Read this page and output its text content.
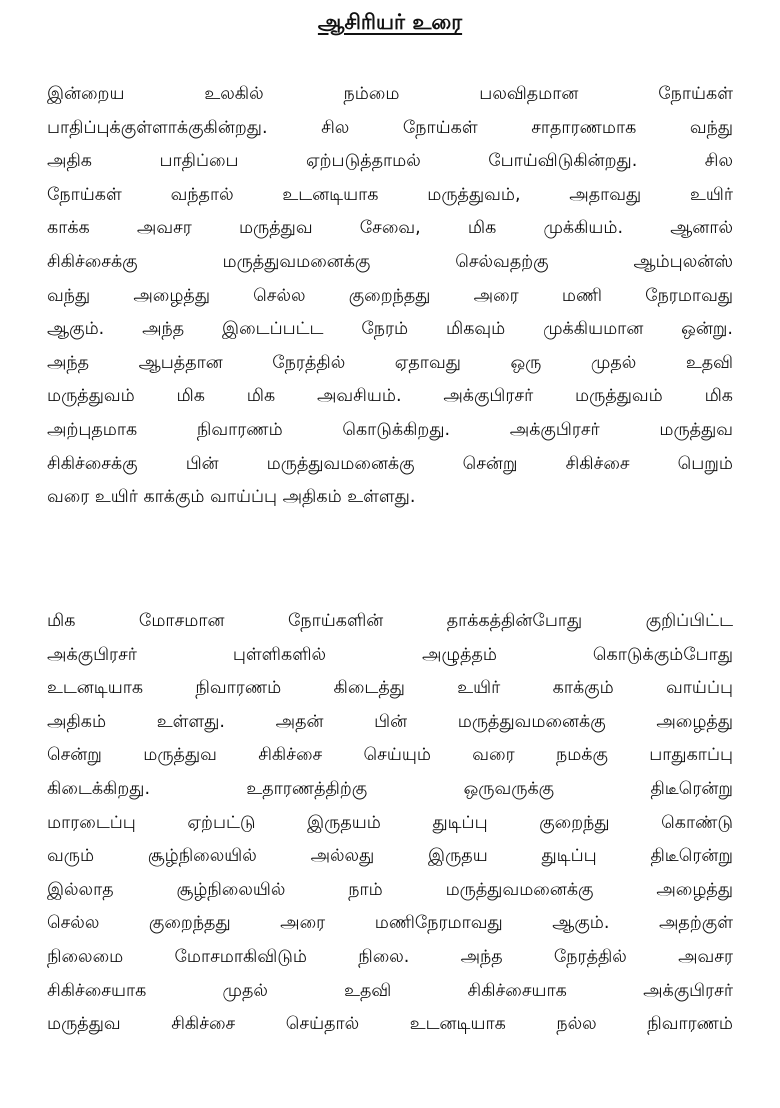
ஆசிரியர் உரை
இன்றைய உலகில் நம்மை பலவிதமான நோய்கள்
பாதிப்புக்குள்ளாக்குகின்றது. சில நோய்கள் சாதாரணமாக வந்து
அதிக பாதிப்பை ஏற்படுத்தாமல் போய்விடுகின்றது. சில
நோய்கள் வந்தால் உடனடியாக மருத்துவம், அதாவது உயிர்
காக்க அவசர மருத்துவ சேவை, மிக முக்கியம். ஆனால்
சிகிச்சைக்கு மருத்துவமனைக்கு செல்வதற்கு ஆம்புலன்ஸ்
வந்து அழைத்து செல்ல குறைந்தது அரை மணி நேரமாவது
ஆகும். அந்த இடைப்பட்ட நேரம் மிகவும் முக்கியமான ஒன்று.
அந்த ஆபத்தான நேரத்தில் ஏதாவது ஒரு முதல் உதவி
மருத்துவம் மிக மிக அவசியம். அக்குபிரசர் மருத்துவம் மிக
அற்புதமாக நிவாரணம் கொடுக்கிறது. அக்குபிரசர் மருத்துவ
சிகிச்சைக்கு பின் மருத்துவமனைக்கு சென்று சிகிச்சை பெறும்
வரை உயிர் காக்கும் வாய்ப்பு அதிகம் உள்ளது.
மிக மோசமான நோய்களின் தாக்கத்தின்போது குறிப்பிட்ட
அக்குபிரசர் புள்ளிகளில் அழுத்தம் கொடுக்கும்போது
உடனடியாக நிவாரணம் கிடைத்து உயிர் காக்கும் வாய்ப்பு
அதிகம் உள்ளது. அதன் பின் மருத்துவமனைக்கு அழைத்து
சென்று மருத்துவ சிகிச்சை செய்யும் வரை நமக்கு பாதுகாப்பு
கிடைக்கிறது. உதாரணத்திற்கு ஒருவருக்கு திடீரென்று
மாரடைப்பு ஏற்பட்டு இருதயம் துடிப்பு குறைந்து கொண்டு
வரும் சூழ்நிலையில் அல்லது இருதய துடிப்பு திடீரென்று
இல்லாத சூழ்நிலையில் நாம் மருத்துவமனைக்கு அழைத்து
செல்ல குறைந்தது அரை மணிநேரமாவது ஆகும். அதற்குள்
நிலைமை மோசமாகிவிடும் நிலை. அந்த நேரத்தில் அவசர
சிகிச்சையாக முதல் உதவி சிகிச்சையாக அக்குபிரசர்
மருத்துவ சிகிச்சை செய்தால் உடனடியாக நல்ல நிவாரணம்
